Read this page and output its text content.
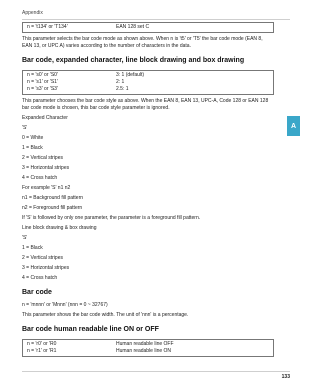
Appendix
A
n = 't134' or 'T134'	EAN 128 set C

This parameter selects the bar code mode as shown above. When n is 't5' or 'T5' the bar code mode (EAN 8, EAN 13, or UPC A) varies according to the number of characters in the data.

Bar code, expanded character, line block drawing and box drawing
n = 's0' or 'S0'	3: 1 (default)
n = 's1' or 'S1'	2: 1
n = 's3' or 'S3'	2.5: 1

This parameter chooses the bar code style as above. When the EAN 8, EAN 13, UPC-A, Code 128 or EAN 128 bar code mode is chosen, this bar code style parameter is ignored.

Expanded Character

'S'

0 = White

1 = Black

2 = Vertical stripes

3 = Horizontal stripes

4 = Cross hatch

For example 'S' n1 n2

n1 = Background fill pattern

n2 = Foreground fill pattern

If 'S' is followed by only one parameter, the parameter is a foreground fill pattern.

Line block drawing & box drawing

'S'

1 = Black

2 = Vertical stripes

3 = Horizontal stripes

4 = Cross hatch

Bar code

n = 'mnnn' or 'Mnnn' (nnn = 0 ~ 32767)

This parameter shows the bar code width. The unit of 'nnn' is a percentage.

Bar code human readable line ON or OFF
n = 'r0' or 'R0	Human readable line OFF
n = 'r1' or 'R1	Human readable line ON
133
